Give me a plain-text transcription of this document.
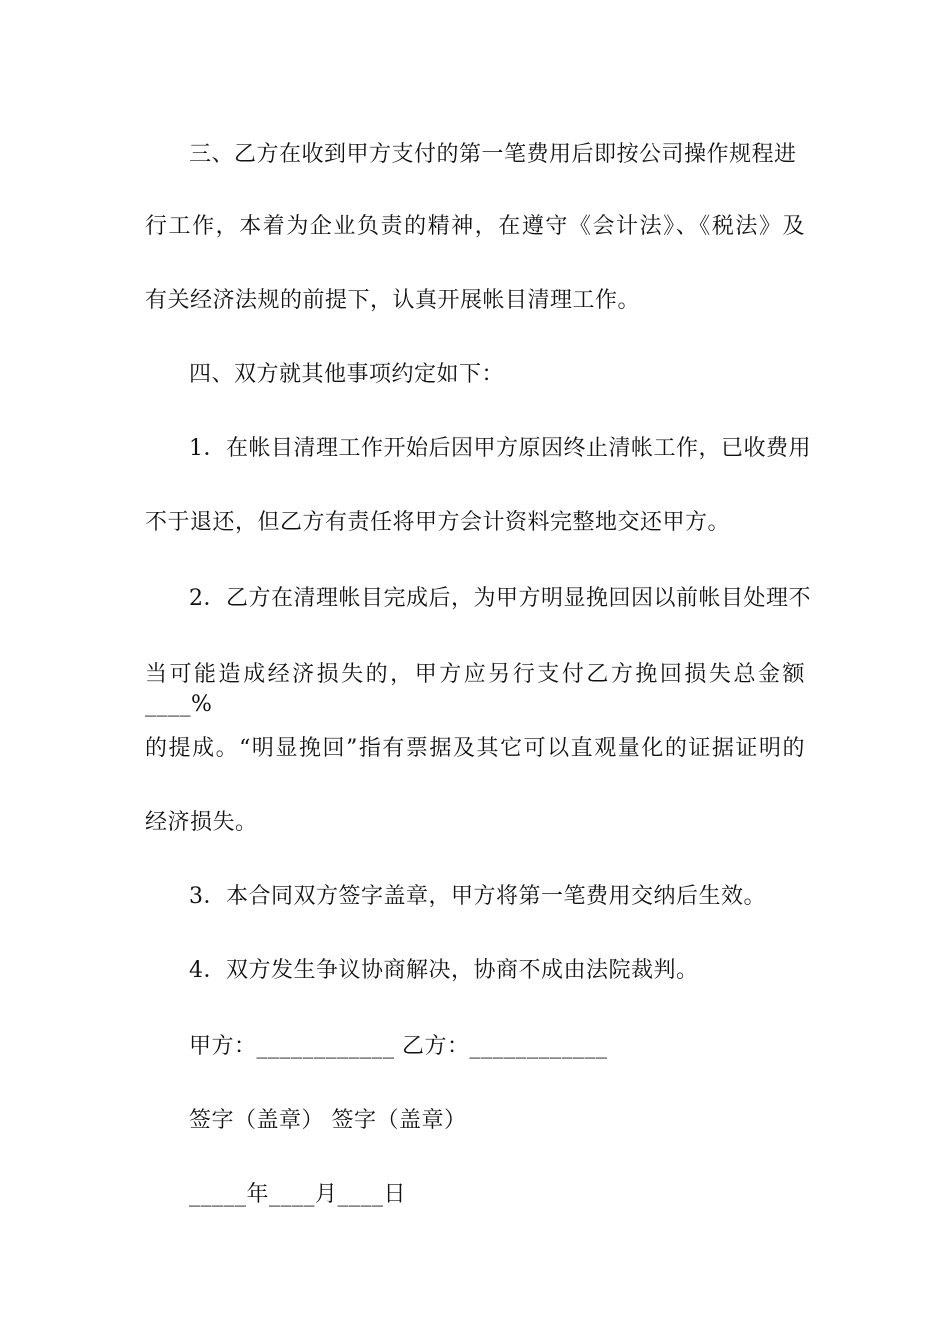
三、乙方在收到甲方支付的第一笔费用后即按公司操作规程进
行工作，本着为企业负责的精神，在遵守《会计法》、《税法》及
有关经济法规的前提下，认真开展帐目清理工作。
四、双方就其他事项约定如下：
1．在帐目清理工作开始后因甲方原因终止清帐工作，已收费用
不于退还，但乙方有责任将甲方会计资料完整地交还甲方。
2．乙方在清理帐目完成后，为甲方明显挽回因以前帐目处理不
当可能造成经济损失的，甲方应另行支付乙方挽回损失总金额____%
的提成。“明显挽回”指有票据及其它可以直观量化的证据证明的
经济损失。
3．本合同双方签字盖章，甲方将第一笔费用交纳后生效。
4．双方发生争议协商解决，协商不成由法院裁判。
甲方：____________ 乙方：____________
签字（盖章） 签字（盖章）
_____年____月____日
